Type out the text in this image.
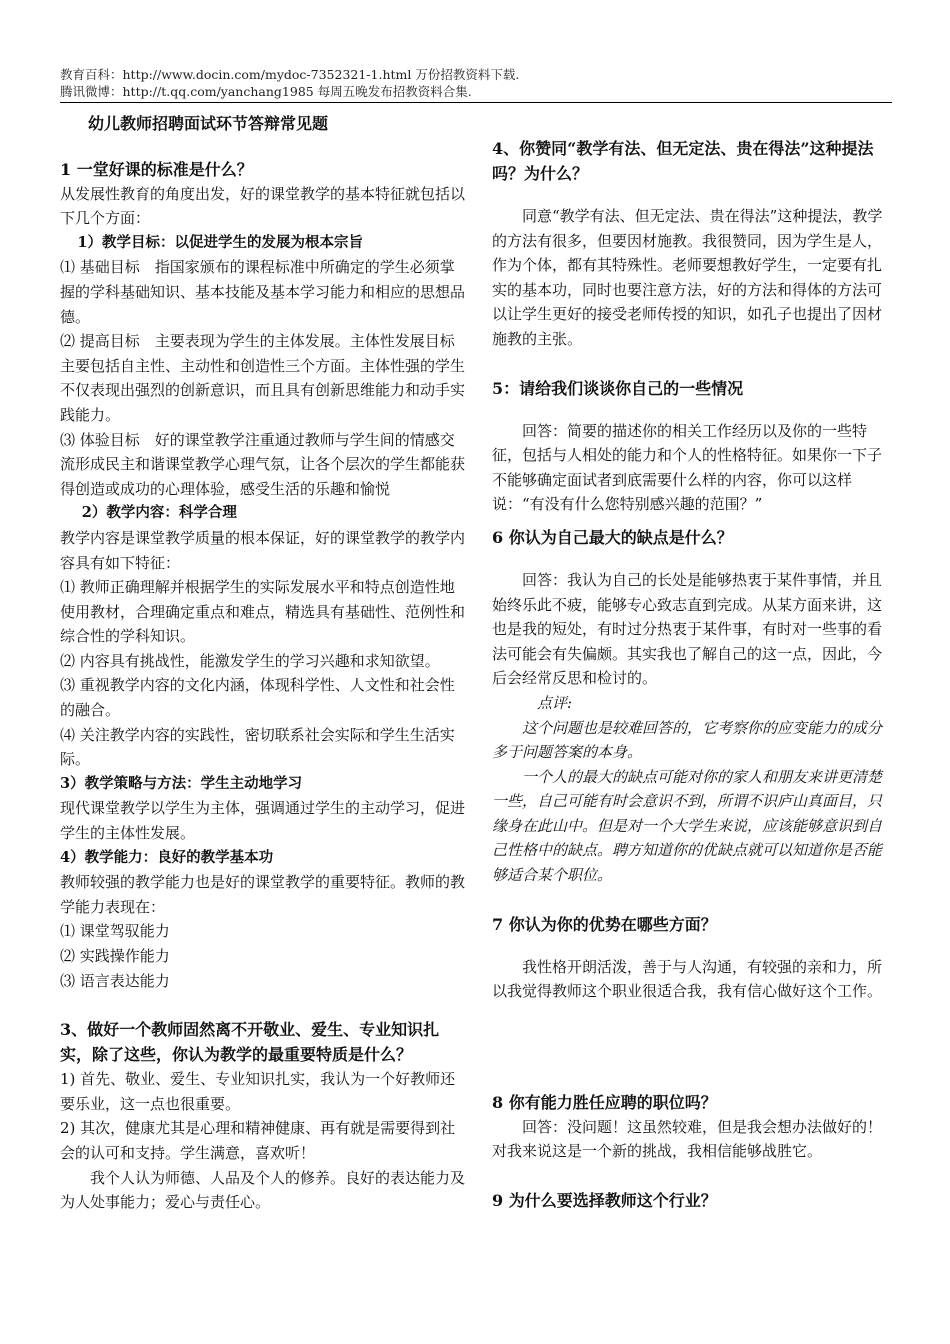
教育百科：http://www.docin.com/mydoc-7352321-1.html 万份招教资料下载.
腾讯微博：http://t.qq.com/yanchang1985 每周五晚发布招教资料合集.

幼儿教师招聘面试环节答辩常见题

1 一堂好课的标准是什么？

从发展性教育的角度出发，好的课堂教学的基本特征就包括以下几个方面：

1）教学目标：以促进学生的发展为根本宗旨

⑴ 基础目标　指国家颁布的课程标准中所确定的学生必须掌握的学科基础知识、基本技能及基本学习能力和相应的思想品德。

⑵ 提高目标　主要表现为学生的主体发展。主体性发展目标主要包括自主性、主动性和创造性三个方面。主体性强的学生不仅表现出强烈的创新意识，而且具有创新思维能力和动手实践能力。

⑶ 体验目标　好的课堂教学注重通过教师与学生间的情感交流形成民主和谐课堂教学心理气氛，让各个层次的学生都能获得创造或成功的心理体验，感受生活的乐趣和愉悦

2）教学内容：科学合理

教学内容是课堂教学质量的根本保证，好的课堂教学的教学内容具有如下特征：

⑴ 教师正确理解并根据学生的实际发展水平和特点创造性地使用教材，合理确定重点和难点，精选具有基础性、范例性和综合性的学科知识。

⑵ 内容具有挑战性，能激发学生的学习兴趣和求知欲望。

⑶ 重视教学内容的文化内涵，体现科学性、人文性和社会性的融合。

⑷ 关注教学内容的实践性，密切联系社会实际和学生生活实际。

3）教学策略与方法：学生主动地学习

现代课堂教学以学生为主体，强调通过学生的主动学习，促进学生的主体性发展。

4）教学能力：良好的教学基本功

教师较强的教学能力也是好的课堂教学的重要特征。教师的教学能力表现在：

⑴ 课堂驾驭能力

⑵ 实践操作能力

⑶ 语言表达能力

3、做好一个教师固然离不开敬业、爱生、专业知识扎实，除了这些，你认为教学的最重要特质是什么？

1) 首先、敬业、爱生、专业知识扎实，我认为一个好教师还要乐业，这一点也很重要。

2) 其次，健康尤其是心理和精神健康、再有就是需要得到社会的认可和支持。学生满意，喜欢听！

我个人认为师德、人品及个人的修养。良好的表达能力及为人处事能力；爱心与责任心。

4、你赞同“教学有法、但无定法、贵在得法”这种提法吗？为什么？

同意“教学有法、但无定法、贵在得法”这种提法，教学的方法有很多，但要因材施教。我很赞同，因为学生是人，作为个体，都有其特殊性。老师要想教好学生，一定要有扎实的基本功，同时也要注意方法，好的方法和得体的方法可以让学生更好的接受老师传授的知识，如孔子也提出了因材施教的主张。

5：请给我们谈谈你自己的一些情况

回答：简要的描述你的相关工作经历以及你的一些特征，包括与人相处的能力和个人的性格特征。如果你一下子不能够确定面试者到底需要什么样的内容，你可以这样说：“有没有什么您特别感兴趣的范围？”

6 你认为自己最大的缺点是什么？

回答：我认为自己的长处是能够热衷于某件事情，并且始终乐此不疲，能够专心致志直到完成。从某方面来讲，这也是我的短处，有时过分热衷于某件事，有时对一些事的看法可能会有失偏颇。其实我也了解自己的这一点，因此，今后会经常反思和检讨的。

点评:

这个问题也是较难回答的，它考察你的应变能力的成分多于问题答案的本身。

一个人的最大的缺点可能对你的家人和朋友来讲更清楚一些，自己可能有时会意识不到，所谓不识庐山真面目，只缘身在此山中。但是对一个大学生来说，应该能够意识到自己性格中的缺点。聘方知道你的优缺点就可以知道你是否能够适合某个职位。

7 你认为你的优势在哪些方面？

我性格开朗活泼，善于与人沟通，有较强的亲和力，所以我觉得教师这个职业很适合我，我有信心做好这个工作。

8 你有能力胜任应聘的职位吗？

回答：没问题！这虽然较难，但是我会想办法做好的！对我来说这是一个新的挑战，我相信能够战胜它。

9 为什么要选择教师这个行业？
